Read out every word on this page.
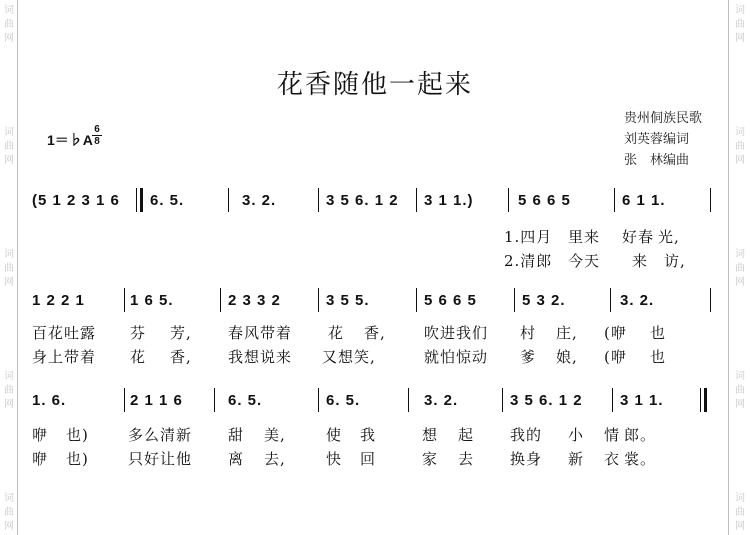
词
曲
网
词
曲
网
词
曲
网
词
曲
网
词
曲
网
词
曲
网
词
曲
网
词
曲
网
词
曲
网
词
曲
网
花香随他一起来
1＝♭A
6
8
贵州侗族民歌
刘英蓉编词
张　林编曲
(5 1 2 3 1 6 6. 5.	3. 2.	3 5 6. 1 2 3 1 1.)	5 6 6 5	6 1 1.
1.四月 里来 好春 光,
2.清郎 今天 来 访,
1 2 2 1	1 6 5.	2 3 3 2	3 5 5.	5 6 6 5	5 3 2.	3. 2.
百花吐露 芬 芳, 春风带着 花 香,	吹进我们 村 庄, (咿 也
身上带着 花 香, 我想说来 又想笑,	就怕惊动 爹 娘, (咿 也
1. 6.	2 1 1 6	6. 5.	6. 5.	3. 2.	3 5 6. 1 2 3 1 1.
咿 也)	多么清新 甜 美,	使 我	想 起 我的 小 情 郎。
咿 也)	只好让他 离 去,	快 回	家 去 换身 新 衣 裳。
